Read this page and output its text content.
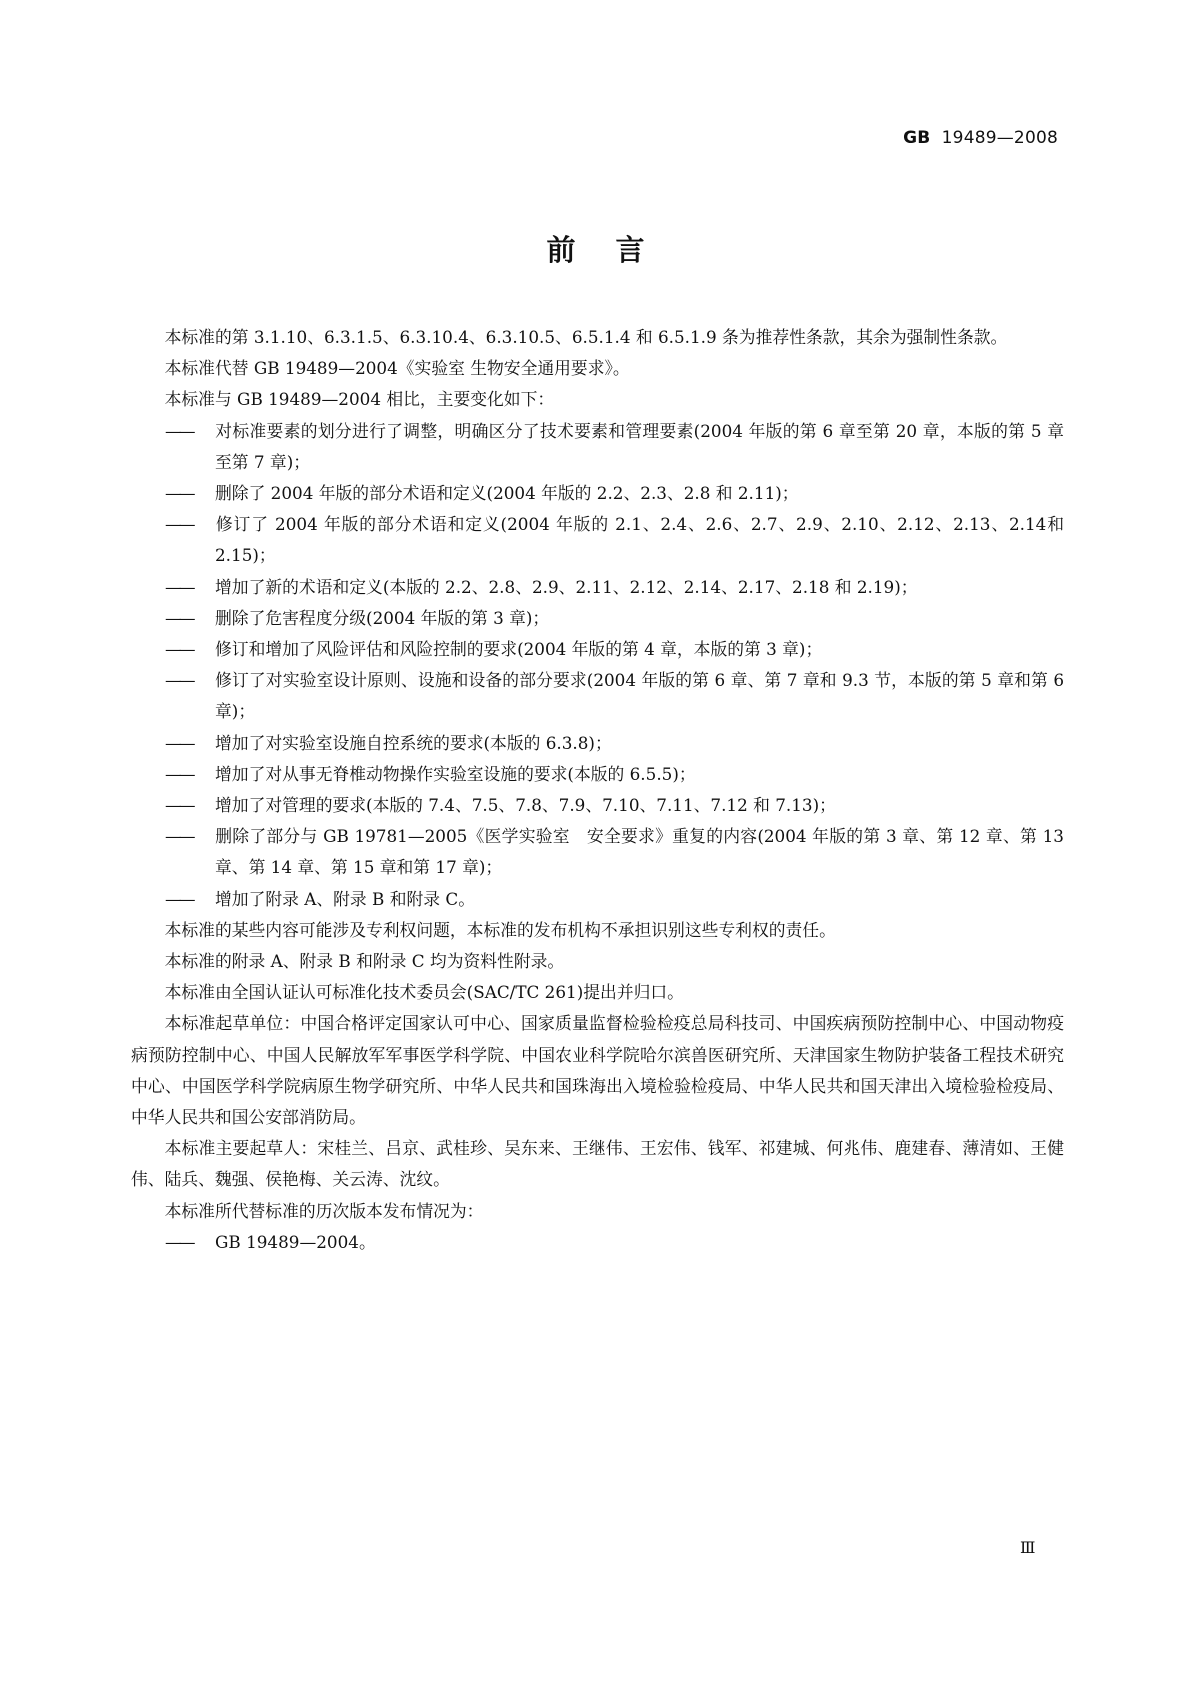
GB 19489—2008
前言

本标准的第 3.1.10、6.3.1.5、6.3.10.4、6.3.10.5、6.5.1.4 和 6.5.1.9 条为推荐性条款，其余为强制性条款。

本标准代替 GB 19489—2004《实验室 生物安全通用要求》。

本标准与 GB 19489—2004 相比，主要变化如下：

—— 对标准要素的划分进行了调整，明确区分了技术要素和管理要素(2004 年版的第 6 章至第 20 章，本版的第 5 章至第 7 章)；

—— 删除了 2004 年版的部分术语和定义(2004 年版的 2.2、2.3、2.8 和 2.11)；

—— 修订了 2004 年版的部分术语和定义(2004 年版的 2.1、2.4、2.6、2.7、2.9、2.10、2.12、2.13、2.14和 2.15)；

—— 增加了新的术语和定义(本版的 2.2、2.8、2.9、2.11、2.12、2.14、2.17、2.18 和 2.19)；

—— 删除了危害程度分级(2004 年版的第 3 章)；

—— 修订和增加了风险评估和风险控制的要求(2004 年版的第 4 章，本版的第 3 章)；

—— 修订了对实验室设计原则、设施和设备的部分要求(2004 年版的第 6 章、第 7 章和 9.3 节，本版的第 5 章和第 6 章)；

—— 增加了对实验室设施自控系统的要求(本版的 6.3.8)；

—— 增加了对从事无脊椎动物操作实验室设施的要求(本版的 6.5.5)；

—— 增加了对管理的要求(本版的 7.4、7.5、7.8、7.9、7.10、7.11、7.12 和 7.13)；

—— 删除了部分与 GB 19781—2005《医学实验室　安全要求》重复的内容(2004 年版的第 3 章、第 12 章、第 13 章、第 14 章、第 15 章和第 17 章)；

—— 增加了附录 A、附录 B 和附录 C。

本标准的某些内容可能涉及专利权问题，本标准的发布机构不承担识别这些专利权的责任。

本标准的附录 A、附录 B 和附录 C 均为资料性附录。

本标准由全国认证认可标准化技术委员会(SAC/TC 261)提出并归口。

本标准起草单位：中国合格评定国家认可中心、国家质量监督检验检疫总局科技司、中国疾病预防控制中心、中国动物疫病预防控制中心、中国人民解放军军事医学科学院、中国农业科学院哈尔滨兽医研究所、天津国家生物防护装备工程技术研究中心、中国医学科学院病原生物学研究所、中华人民共和国珠海出入境检验检疫局、中华人民共和国天津出入境检验检疫局、中华人民共和国公安部消防局。

本标准主要起草人：宋桂兰、吕京、武桂珍、吴东来、王继伟、王宏伟、钱军、祁建城、何兆伟、鹿建春、薄清如、王健伟、陆兵、魏强、侯艳梅、关云涛、沈纹。

本标准所代替标准的历次版本发布情况为：

—— GB 19489—2004。

Ⅲ
